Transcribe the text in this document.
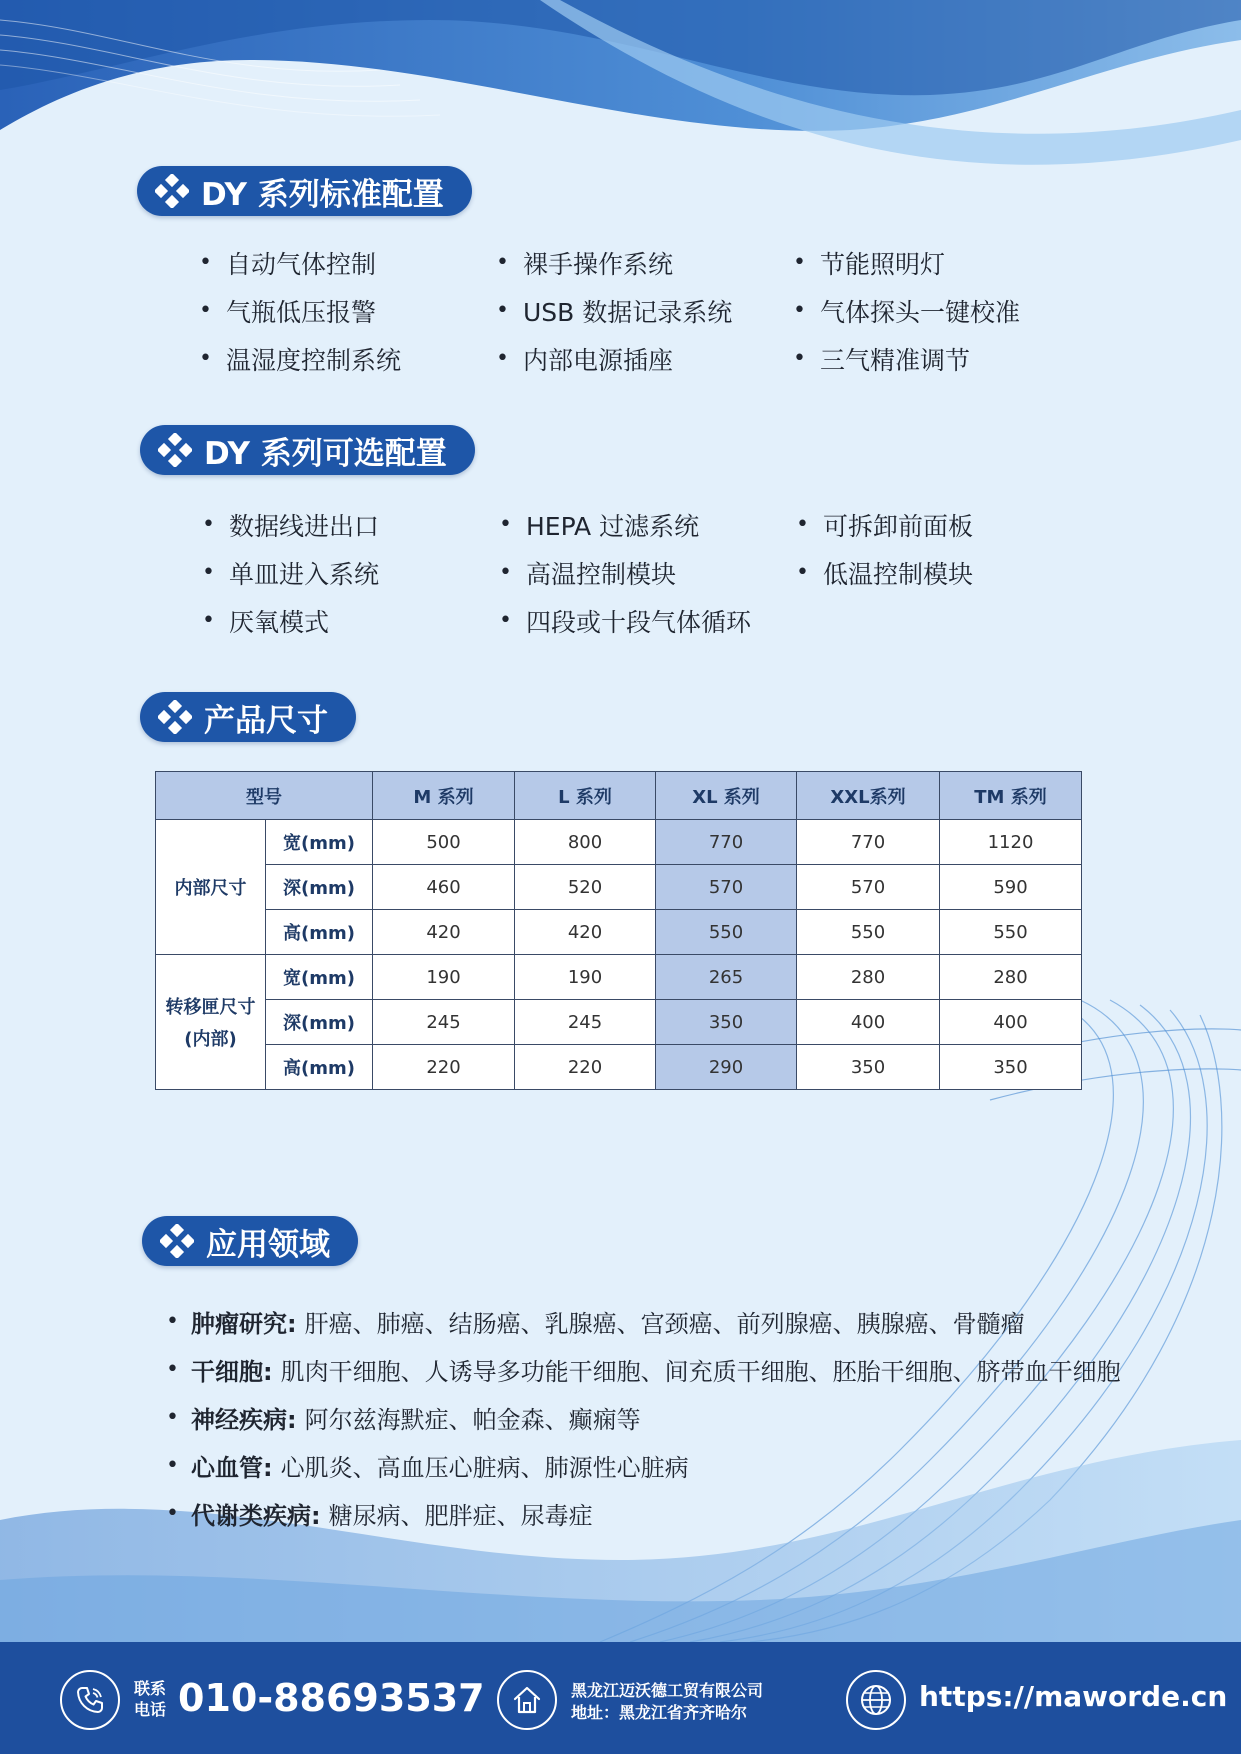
DY 系列标准配置
• 自动气体控制	• 裸手操作系统	• 节能照明灯
• 气瓶低压报警	• USB 数据记录系统	• 气体探头一键校准
• 温湿度控制系统	• 内部电源插座	• 三气精准调节
DY 系列可选配置
• 数据线进出口	• HEPA 过滤系统	• 可拆卸前面板
• 单皿进入系统	• 高温控制模块	• 低温控制模块
• 厌氧模式	• 四段或十段气体循环
产品尺寸
型号		M 系列	L 系列	XL 系列	XXL系列	TM 系列
内部尺寸	宽(mm)	500	800	770	770	1120
	深(mm)	460	520	570	570	590
	高(mm)	420	420	550	550	550

转移匣尺寸
(内部)	宽(mm)	190	190	265	280	280
	深(mm)	245	245	350	400	400
	高(mm)	220	220	290	350	350
应用领域
• 肿瘤研究: 肝癌、肺癌、结肠癌、乳腺癌、宫颈癌、前列腺癌、胰腺癌、骨髓瘤
• 干细胞: 肌肉干细胞、人诱导多功能干细胞、间充质干细胞、胚胎干细胞、脐带血干细胞
• 神经疾病: 阿尔兹海默症、帕金森、癫痫等
• 心血管: 心肌炎、高血压心脏病、肺源性心脏病
• 代谢类疾病: 糖尿病、肥胖症、尿毒症
联系
电话 010-88693537	黑龙江迈沃德工贸有限公司
地址：黑龙江省齐齐哈尔	https://mawordе.cn
